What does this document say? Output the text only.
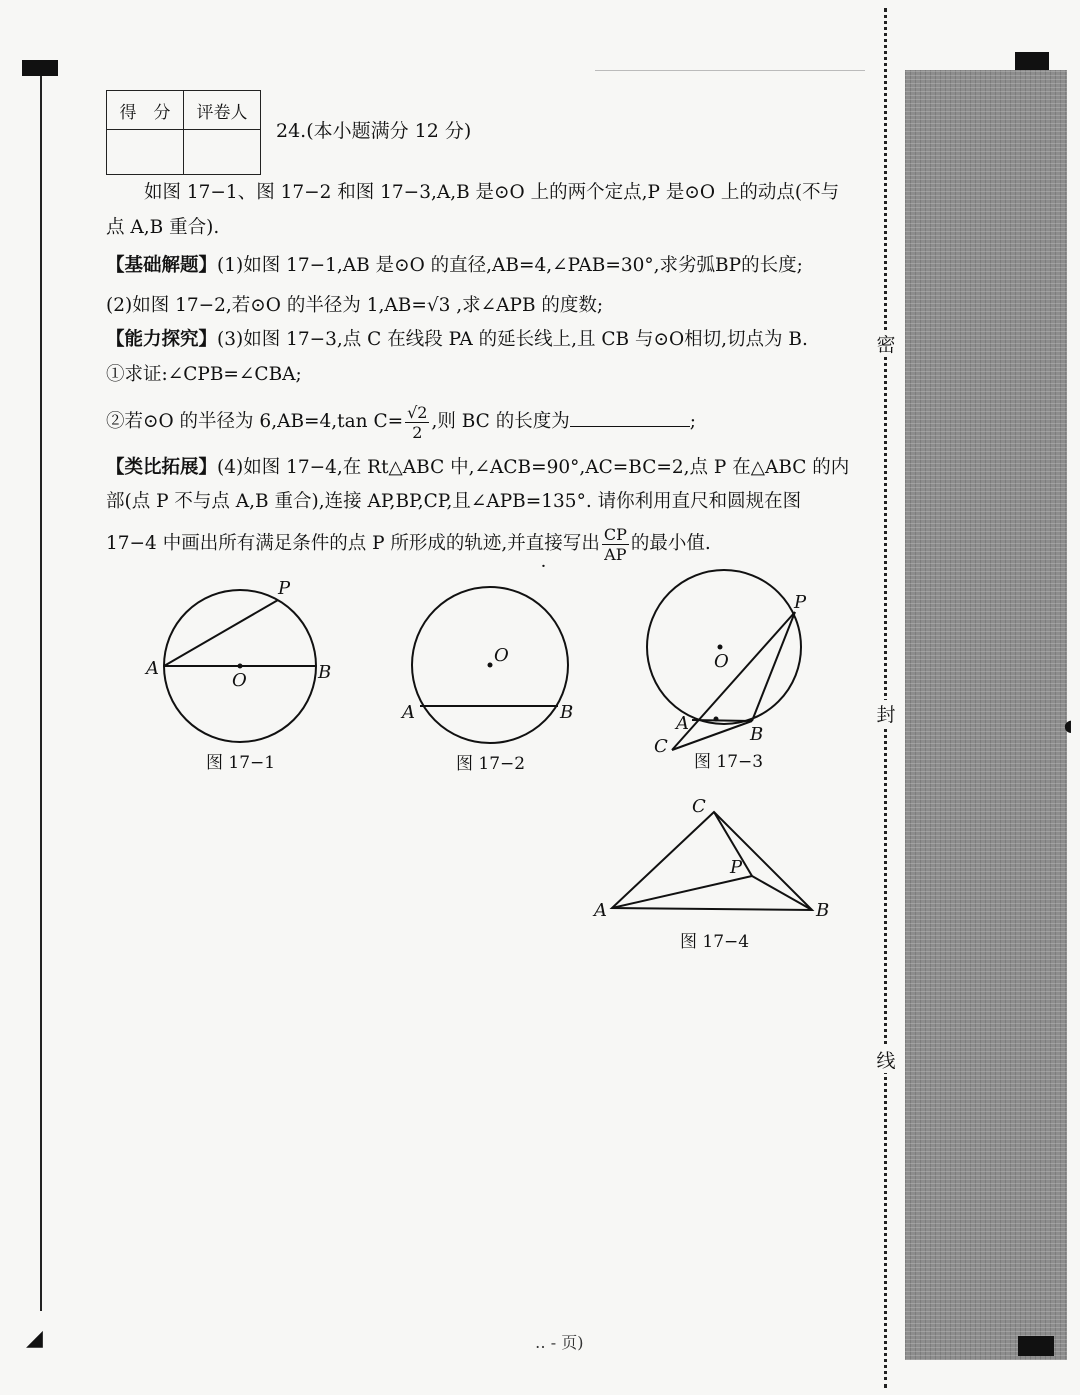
◢
得　分	评卷人

24.(本小题满分 12 分)
如图 17−1、图 17−2 和图 17−3,A,B 是⊙O 上的两个定点,P 是⊙O 上的动点(不与
点 A,B 重合).
【基础解题】(1)如图 17−1,AB 是⊙O 的直径,AB=4,∠PAB=30°,求劣弧BP的长度;
(2)如图 17−2,若⊙O 的半径为 1,AB=√3 ,求∠APB 的度数;
【能力探究】(3)如图 17−3,点 C 在线段 PA 的延长线上,且 CB 与⊙O相切,切点为 B.
①求证:∠CPB=∠CBA;
②若⊙O 的半径为 6,AB=4,tan $C= \frac{√2}{2}$ ,则 BC 的长度为	;
【类比拓展】(4)如图 17−4,在 Rt△ABC 中,∠ACB=90°,AC=BC=2,点 P 在△ABC 的内
部(点 P 不与点 A,B 重合),连接 AP,BP,CP,且∠APB=135°. 请你利用直尺和圆规在图
17−4 中画出所有满足条件的点 P 所形成的轨迹,并直接写出 $\frac{CP}{AP}$ 的最小值.
A	B
O
P
A	B
O
A
B
C
O
P
A	B
C
P
图 17−1	图 17−2	图 17−3
图 17−4
密
封
线
◖
‥ - 页)
